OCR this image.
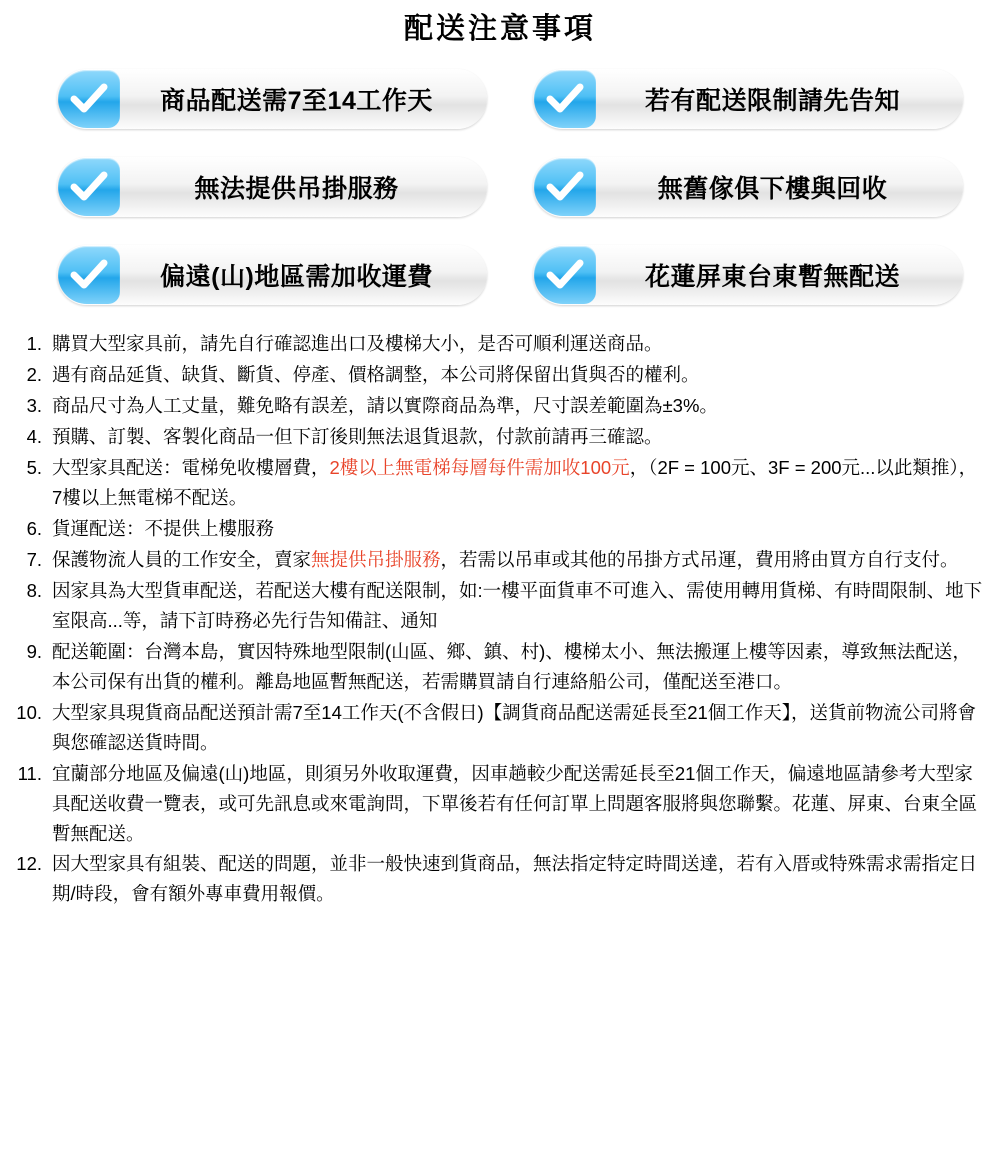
配送注意事項
商品配送需7至14工作天	若有配送限制請先告知
無法提供吊掛服務	無舊傢俱下樓與回收
偏遠(山)地區需加收運費	花蓮屏東台東暫無配送
購買大型家具前，請先自行確認進出口及樓梯大小，是否可順利運送商品。
遇有商品延貨、缺貨、斷貨、停產、價格調整，本公司將保留出貨與否的權利。
商品尺寸為人工丈量，難免略有誤差，請以實際商品為準，尺寸誤差範圍為±3%。
預購、訂製、客製化商品一但下訂後則無法退貨退款，付款前請再三確認。
大型家具配送：電梯免收樓層費，2樓以上無電梯每層每件需加收100元，（2F = 100元、3F = 200元...以此類推），7樓以上無電梯不配送。
貨運配送：不提供上樓服務
保護物流人員的工作安全，賣家無提供吊掛服務，若需以吊車或其他的吊掛方式吊運，費用將由買方自行支付。
因家具為大型貨車配送，若配送大樓有配送限制，如:一樓平面貨車不可進入、需使用轉用貨梯、有時間限制、地下室限高...等，請下訂時務必先行告知備註、通知
配送範圍：台灣本島，實因特殊地型限制(山區、鄉、鎮、村)、樓梯太小、無法搬運上樓等因素，導致無法配送，本公司保有出貨的權利。離島地區暫無配送，若需購買請自行連絡船公司，僅配送至港口。
大型家具現貨商品配送預計需7至14工作天(不含假日)【調貨商品配送需延長至21個工作天】，送貨前物流公司將會與您確認送貨時間。
宜蘭部分地區及偏遠(山)地區，則須另外收取運費，因車趟較少配送需延長至21個工作天，偏遠地區請參考大型家具配送收費一覽表，或可先訊息或來電詢問，下單後若有任何訂單上問題客服將與您聯繫。花蓮、屏東、台東全區暫無配送。
因大型家具有組裝、配送的問題，並非一般快速到貨商品，無法指定特定時間送達，若有入厝或特殊需求需指定日期/時段，會有額外專車費用報價。
